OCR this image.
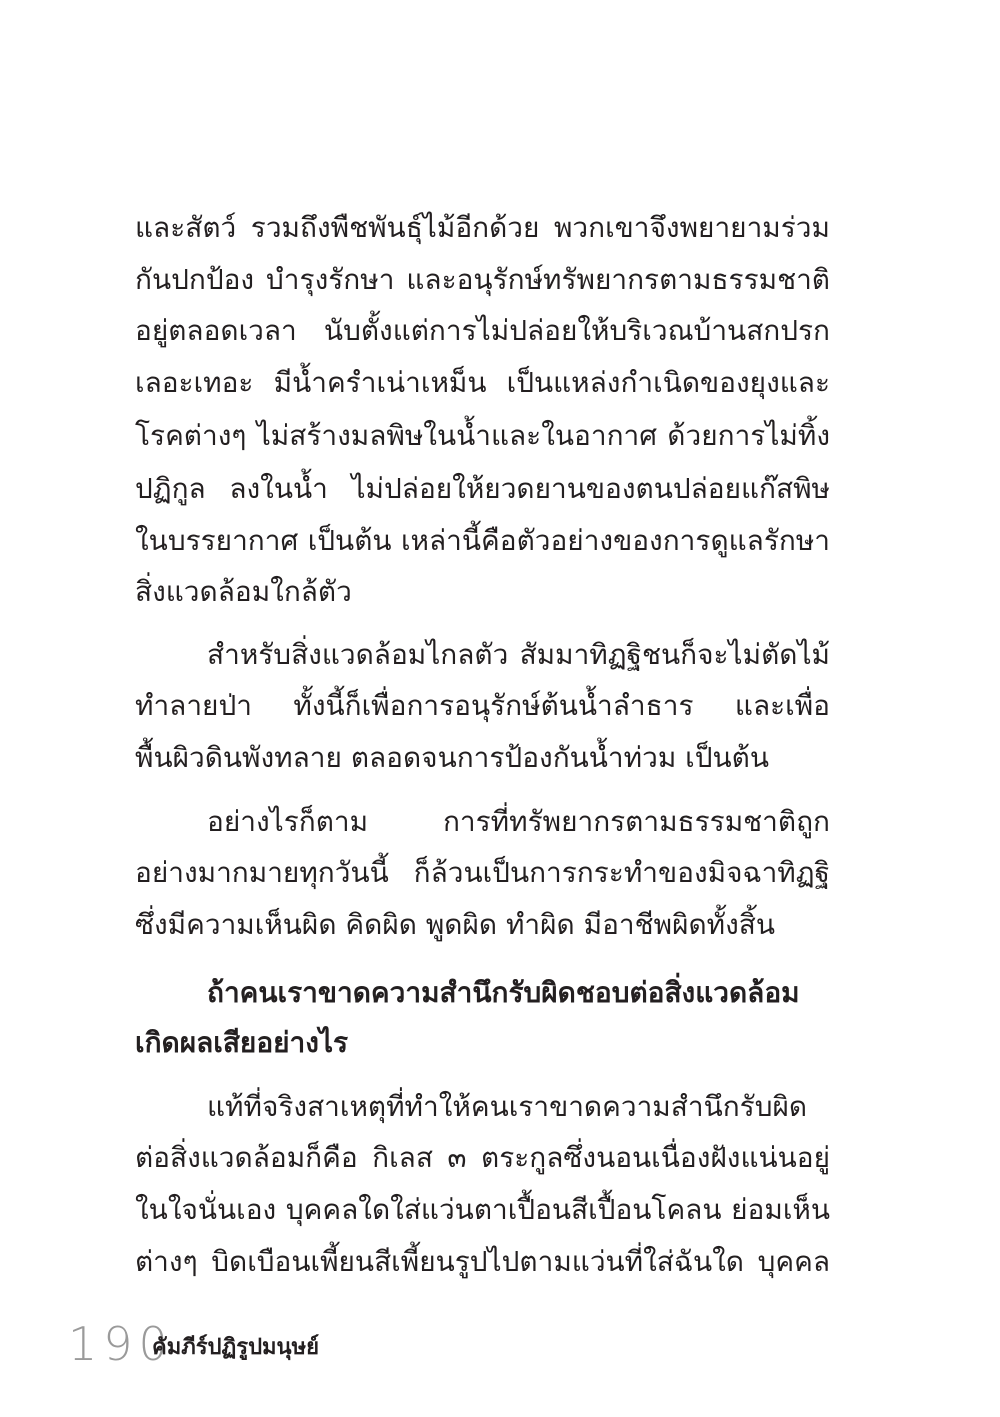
และสัตว์ รวมถึงพืชพันธุ์ไม้อีกด้วย พวกเขาจึงพยายามร่วม
กันปกป้อง บำรุงรักษา และอนุรักษ์ทรัพยากรตามธรรมชาติ
อยู่ตลอดเวลา นับตั้งแต่การไม่ปล่อยให้บริเวณบ้านสกปรก
เลอะเทอะ มีน้ำครำเน่าเหม็น เป็นแหล่งกำเนิดของยุงและ
โรคต่างๆ ไม่สร้างมลพิษในน้ำและในอากาศ ด้วยการไม่ทิ้ง
ปฏิกูล ลงในน้ำ ไม่ปล่อยให้ยวดยานของตนปล่อยแก๊สพิษ
ในบรรยากาศ เป็นต้น เหล่านี้คือตัวอย่างของการดูแลรักษา
สิ่งแวดล้อมใกล้ตัว
สำหรับสิ่งแวดล้อมไกลตัว สัมมาทิฏฐิชนก็จะไม่ตัดไม้
ทำลายป่า ทั้งนี้ก็เพื่อการอนุรักษ์ต้นน้ำลำธาร และเพื่อ
พื้นผิวดินพังทลาย ตลอดจนการป้องกันน้ำท่วม เป็นต้น
อย่างไรก็ตาม การที่ทรัพยากรตามธรรมชาติถูก
อย่างมากมายทุกวันนี้ ก็ล้วนเป็นการกระทำของมิจฉาทิฏฐิ
ซึ่งมีความเห็นผิด คิดผิด พูดผิด ทำผิด มีอาชีพผิดทั้งสิ้น
ถ้าคนเราขาดความสำนึกรับผิดชอบต่อสิ่งแวดล้อม
เกิดผลเสียอย่างไร
แท้ที่จริงสาเหตุที่ทำให้คนเราขาดความสำนึกรับผิด
ต่อสิ่งแวดล้อมก็คือ กิเลส ๓ ตระกูลซึ่งนอนเนื่องฝังแน่นอยู่
ในใจนั่นเอง บุคคลใดใส่แว่นตาเปื้อนสีเปื้อนโคลน ย่อมเห็น
ต่างๆ บิดเบือนเพี้ยนสีเพี้ยนรูปไปตามแว่นที่ใส่ฉันใด บุคคล
190
คัมภีร์ปฏิรูปมนุษย์
